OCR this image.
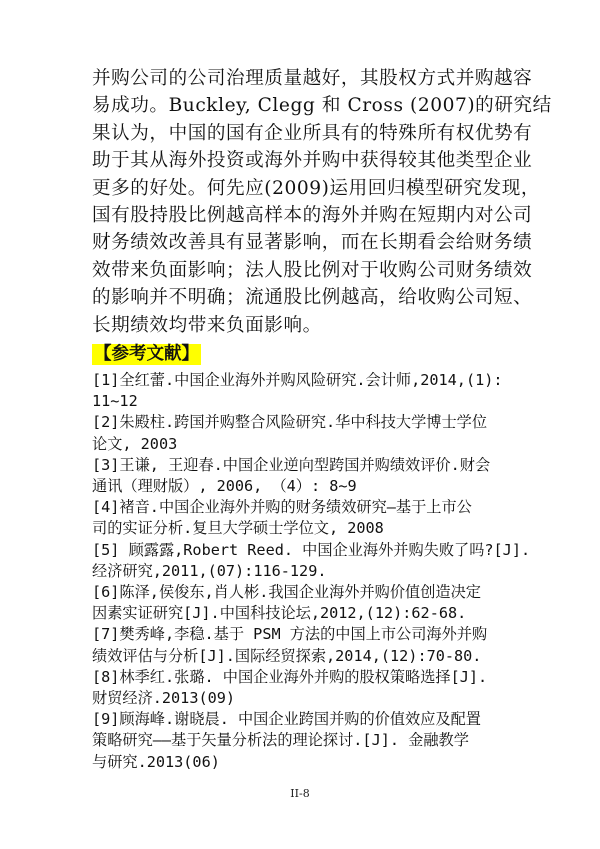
并购公司的公司治理质量越好，其股权方式并购越容
易成功。Buckley, Clegg 和 Cross (2007)的研究结
果认为，中国的国有企业所具有的特殊所有权优势有
助于其从海外投资或海外并购中获得较其他类型企业
更多的好处。何先应(2009)运用回归模型研究发现，
国有股持股比例越高样本的海外并购在短期内对公司
财务绩效改善具有显著影响，而在长期看会给财务绩
效带来负面影响；法人股比例对于收购公司财务绩效
的影响并不明确；流通股比例越高，给收购公司短、
长期绩效均带来负面影响。
【参考文献】
[1]全红蕾.中国企业海外并购风险研究.会计师,2014,(1):
11~12
[2]朱殿柱.跨国并购整合风险研究.华中科技大学博士学位
论文, 2003
[3]王谦, 王迎春.中国企业逆向型跨国并购绩效评价.财会
通讯（理财版）, 2006, （4）: 8~9
[4]褚音.中国企业海外并购的财务绩效研究—基于上市公
司的实证分析.复旦大学硕士学位文, 2008
[5] 顾露露,Robert Reed. 中国企业海外并购失败了吗?[J].
经济研究,2011,(07):116-129.
[6]陈泽,侯俊东,肖人彬.我国企业海外并购价值创造决定
因素实证研究[J].中国科技论坛,2012,(12):62-68.
[7]樊秀峰,李稳.基于 PSM 方法的中国上市公司海外并购
绩效评估与分析[J].国际经贸探索,2014,(12):70-80.
[8]林季红.张璐. 中国企业海外并购的股权策略选择[J].
财贸经济.2013(09)
[9]顾海峰.谢晓晨. 中国企业跨国并购的价值效应及配置
策略研究——基于矢量分析法的理论探讨.[J]. 金融教学
与研究.2013(06)
II-8
